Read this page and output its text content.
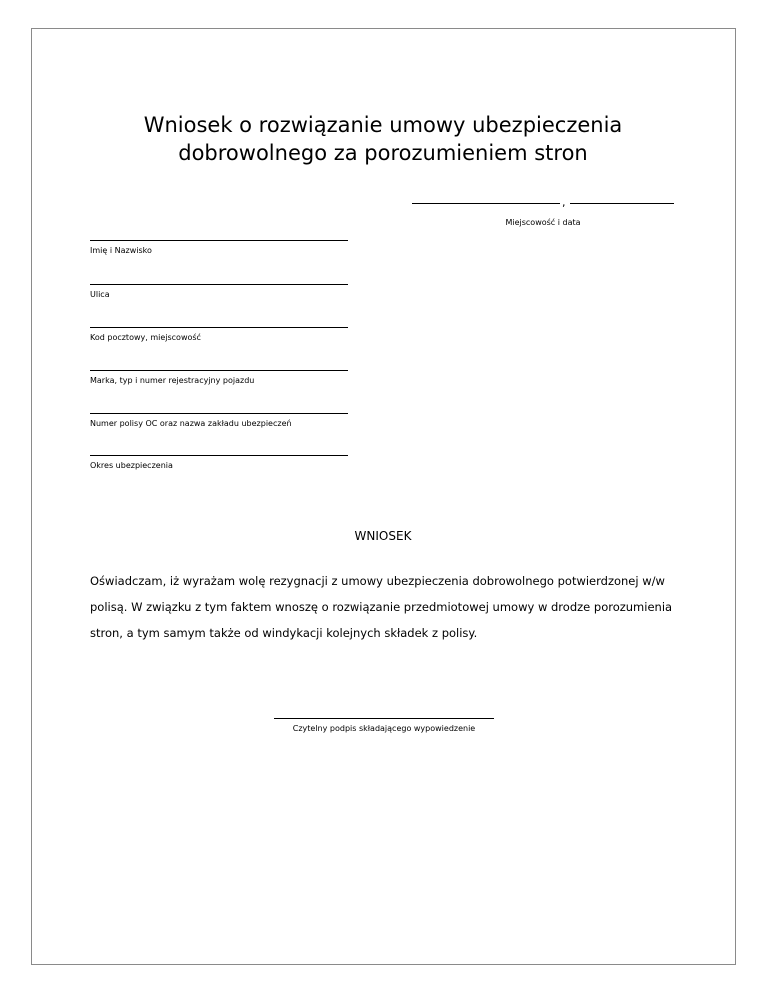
Wniosek o rozwiązanie umowy ubezpieczenia
dobrowolnego za porozumieniem stron
,
Miejscowość i data
Imię i Nazwisko
Ulica
Kod pocztowy, miejscowość
Marka, typ i numer rejestracyjny pojazdu
Numer polisy OC oraz nazwa zakładu ubezpieczeń
Okres ubezpieczenia
WNIOSEK
Oświadczam, iż wyrażam wolę rezygnacji z umowy ubezpieczenia dobrowolnego potwierdzonej w/w
polisą. W związku z tym faktem wnoszę o rozwiązanie przedmiotowej umowy w drodze porozumienia
stron, a tym samym także od windykacji kolejnych składek z polisy.
Czytelny podpis składającego wypowiedzenie
